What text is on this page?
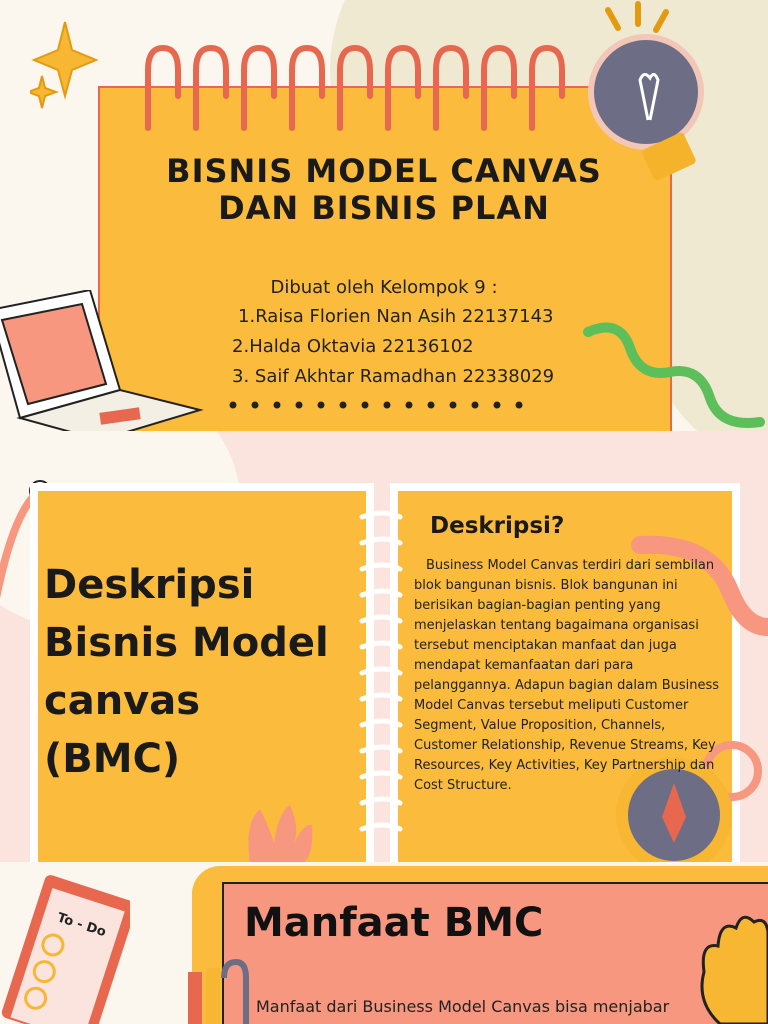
BISNIS MODEL CANVAS
DAN BISNIS PLAN
Dibuat oleh Kelompok 9 :
1.Raisa Florien Nan Asih 22137143
2.Halda Oktavia 22136102
3. Saif Akhtar Ramadhan 22338029
Deskripsi
Bisnis Model
canvas
(BMC)
Deskripsi?
Business Model Canvas terdiri dari sembilan blok bangunan bisnis. Blok bangunan ini berisikan bagian-bagian penting yang menjelaskan tentang bagaimana organisasi tersebut menciptakan manfaat dan juga mendapat kemanfaatan dari para pelanggannya. Adapun bagian dalam Business Model Canvas tersebut meliputi Customer Segment, Value Proposition, Channels, Customer Relationship, Revenue Streams, Key Resources, Key Activities, Key Partnership dan Cost Structure.
To - Do	Manfaat BMC
Manfaat dari Business Model Canvas bisa menjabar
